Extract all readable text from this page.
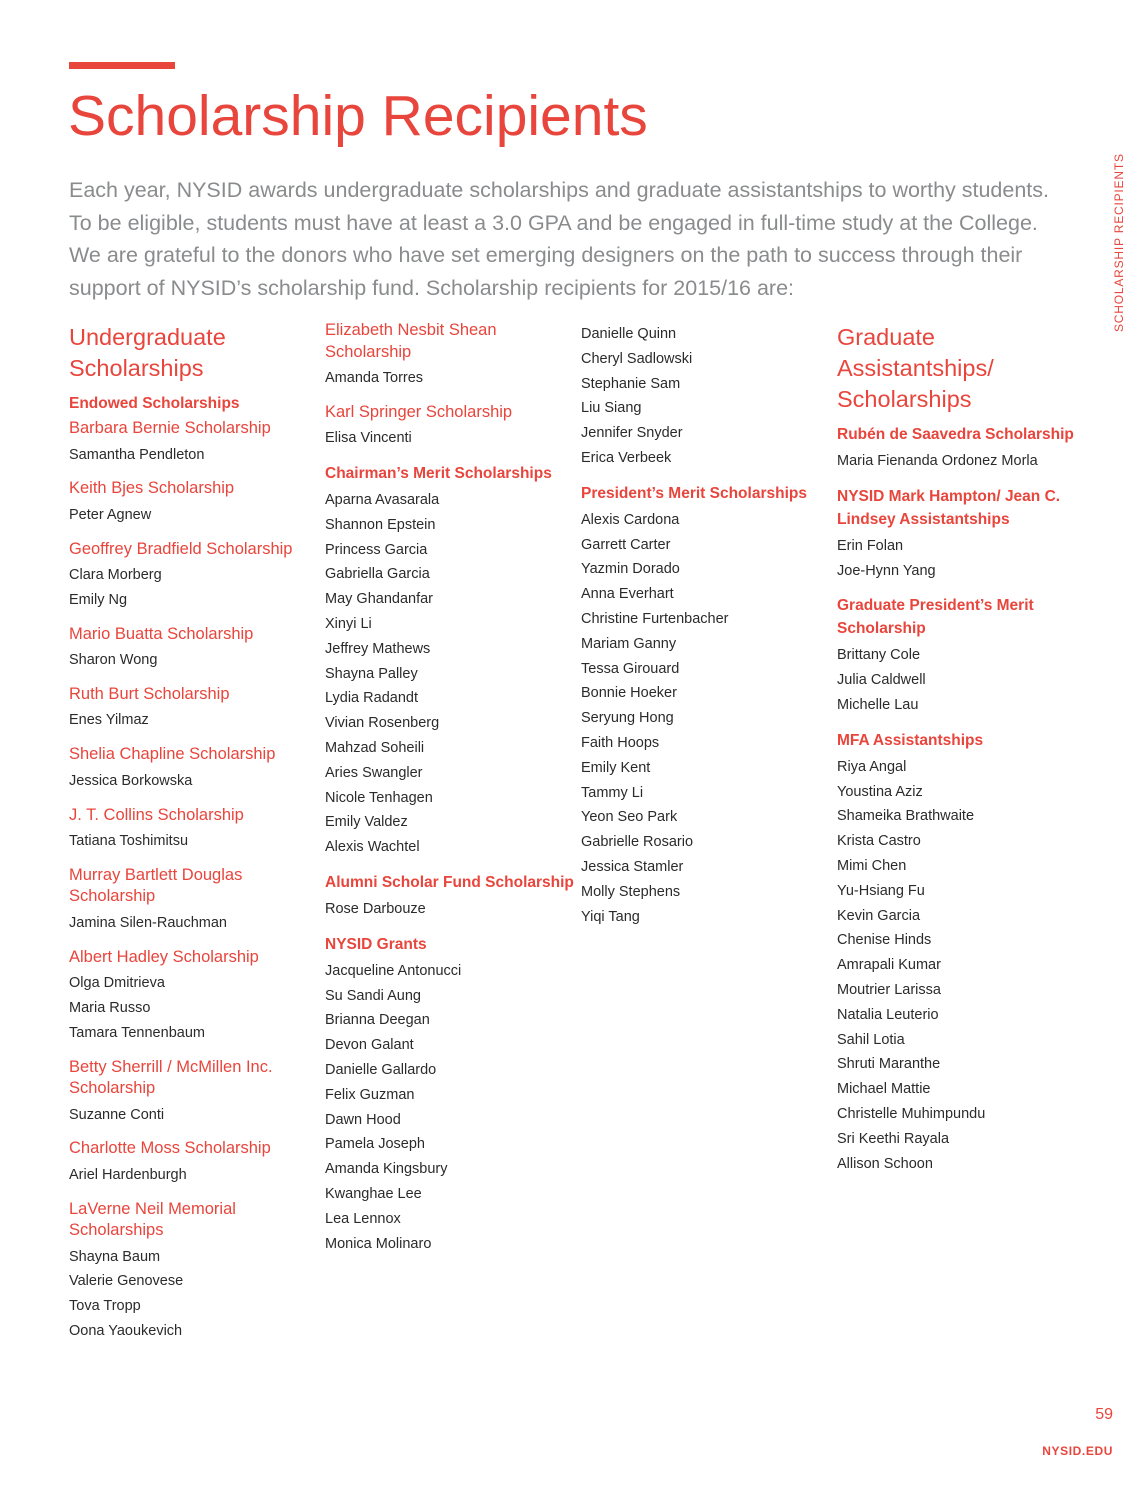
Scholarship Recipients

Each year, NYSID awards undergraduate scholarships and graduate assistantships to worthy students. To be eligible, students must have at least a 3.0 GPA and be engaged in full-time study at the College. We are grateful to the donors who have set emerging designers on the path to success through their support of NYSID’s scholarship fund. Scholarship recipients for 2015/16 are:	SCHOLARSHIP RECIPIENTS
Undergraduate Scholarships
Endowed Scholarships
Barbara Bernie Scholarship
Samantha Pendleton
Keith Bjes Scholarship
Peter Agnew
Geoffrey Bradfield Scholarship
Clara Morberg
Emily Ng
Mario Buatta Scholarship
Sharon Wong
Ruth Burt Scholarship
Enes Yilmaz
Shelia Chapline Scholarship
Jessica Borkowska
J. T. Collins Scholarship
Tatiana Toshimitsu
Murray Bartlett Douglas Scholarship
Jamina Silen-Rauchman
Albert Hadley Scholarship
Olga Dmitrieva
Maria Russo
Tamara Tennenbaum
Betty Sherrill / McMillen Inc. Scholarship
Suzanne Conti
Charlotte Moss Scholarship
Ariel Hardenburgh
LaVerne Neil Memorial Scholarships
Shayna Baum
Valerie Genovese
Tova Tropp
Oona Yaoukevich
Elizabeth Nesbit Shean Scholarship
Amanda Torres
Karl Springer Scholarship
Elisa Vincenti
Chairman’s Merit Scholarships
Aparna Avasarala
Shannon Epstein
Princess Garcia
Gabriella Garcia
May Ghandanfar
Xinyi Li
Jeffrey Mathews
Shayna Palley
Lydia Radandt
Vivian Rosenberg
Mahzad Soheili
Aries Swangler
Nicole Tenhagen
Emily Valdez
Alexis Wachtel
Alumni Scholar Fund Scholarship
Rose Darbouze
NYSID Grants
Jacqueline Antonucci
Su Sandi Aung
Brianna Deegan
Devon Galant
Danielle Gallardo
Felix Guzman
Dawn Hood
Pamela Joseph
Amanda Kingsbury
Kwanghae Lee
Lea Lennox
Monica Molinaro
Danielle Quinn
Cheryl Sadlowski
Stephanie Sam
Liu Siang
Jennifer Snyder
Erica Verbeek
President’s Merit Scholarships
Alexis Cardona
Garrett Carter
Yazmin Dorado
Anna Everhart
Christine Furtenbacher
Mariam Ganny
Tessa Girouard
Bonnie Hoeker
Seryung Hong
Faith Hoops
Emily Kent
Tammy Li
Yeon Seo Park
Gabrielle Rosario
Jessica Stamler
Molly Stephens
Yiqi Tang
Graduate Assistantships/ Scholarships
Rubén de Saavedra Scholarship
Maria Fienanda Ordonez Morla
NYSID Mark Hampton/ Jean C. Lindsey Assistantships
Erin Folan
Joe-Hynn Yang
Graduate President’s Merit Scholarship
Brittany Cole
Julia Caldwell
Michelle Lau
MFA Assistantships
Riya Angal
Youstina Aziz
Shameika Brathwaite
Krista Castro
Mimi Chen
Yu-Hsiang Fu
Kevin Garcia
Chenise Hinds
Amrapali Kumar
Moutrier Larissa
Natalia Leuterio
Sahil Lotia
Shruti Maranthe
Michael Mattie
Christelle Muhimpundu
Sri Keethi Rayala
Allison Schoon
59
NYSID.EDU
